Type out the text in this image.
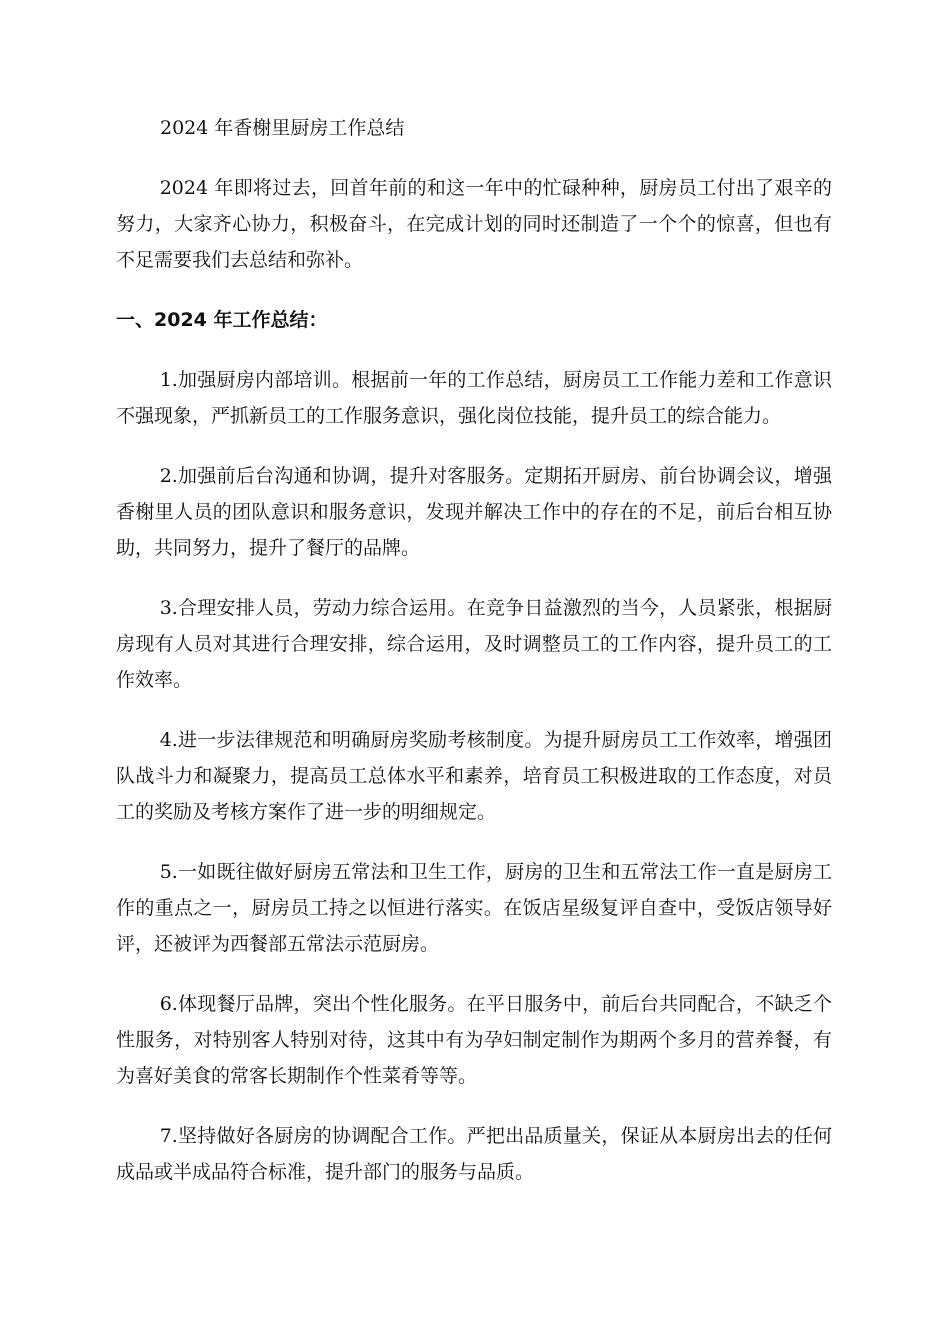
2024 年香榭里厨房工作总结

2024 年即将过去，回首年前的和这一年中的忙碌种种，厨房员工付出了艰辛的努力，大家齐心协力，积极奋斗，在完成计划的同时还制造了一个个的惊喜，但也有不足需要我们去总结和弥补。

一、2024 年工作总结：

1.加强厨房内部培训。根据前一年的工作总结，厨房员工工作能力差和工作意识不强现象，严抓新员工的工作服务意识，强化岗位技能，提升员工的综合能力。

2.加强前后台沟通和协调，提升对客服务。定期拓开厨房、前台协调会议，增强香榭里人员的团队意识和服务意识，发现并解决工作中的存在的不足，前后台相互协助，共同努力，提升了餐厅的品牌。

3.合理安排人员，劳动力综合运用。在竞争日益激烈的当今，人员紧张，根据厨房现有人员对其进行合理安排，综合运用，及时调整员工的工作内容，提升员工的工作效率。

4.进一步法律规范和明确厨房奖励考核制度。为提升厨房员工工作效率，增强团队战斗力和凝聚力，提高员工总体水平和素养，培育员工积极进取的工作态度，对员工的奖励及考核方案作了进一步的明细规定。

5.一如既往做好厨房五常法和卫生工作，厨房的卫生和五常法工作一直是厨房工作的重点之一，厨房员工持之以恒进行落实。在饭店星级复评自查中，受饭店领导好评，还被评为西餐部五常法示范厨房。

6.体现餐厅品牌，突出个性化服务。在平日服务中，前后台共同配合，不缺乏个性服务，对特别客人特别对待，这其中有为孕妇制定制作为期两个多月的营养餐，有为喜好美食的常客长期制作个性菜肴等等。

7.坚持做好各厨房的协调配合工作。严把出品质量关，保证从本厨房出去的任何成品或半成品符合标准，提升部门的服务与品质。
